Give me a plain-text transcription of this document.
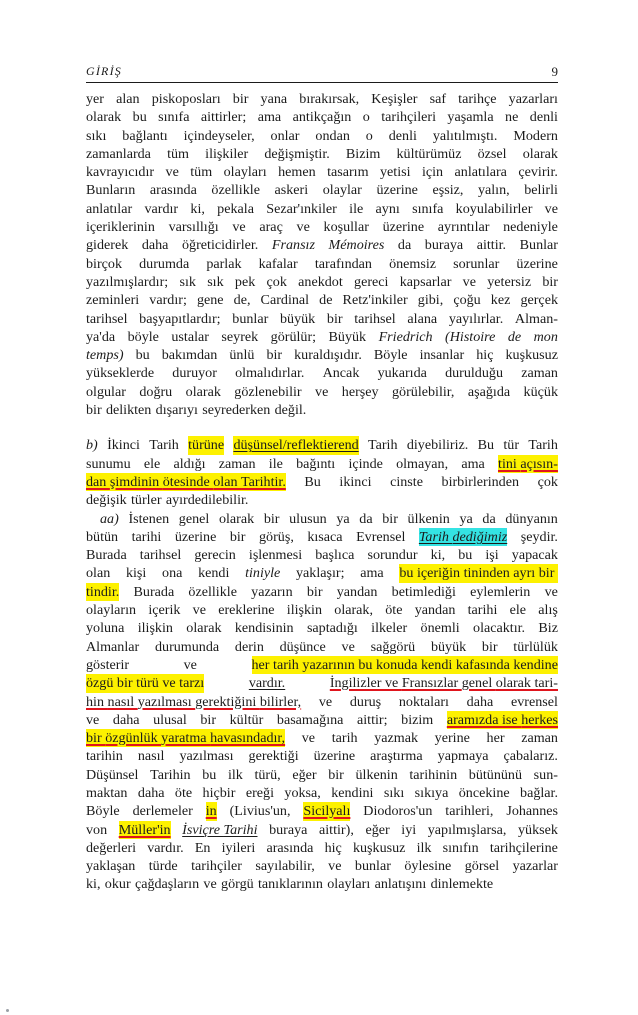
GİRİŞ	9
yer alan piskoposları bir yana bırakırsak, Keşişler saf tarihçe yazarları
olarak bu sınıfa aittirler; ama antikçağın o tarihçileri yaşamla ne denli
sıkı bağlantı içindeyseler, onlar ondan o denli yalıtılmıştı. Modern
zamanlarda tüm ilişkiler değişmiştir. Bizim kültürümüz özsel olarak
kavrayıcıdır ve tüm olayları hemen tasarım yetisi için anlatılara çevirir.
Bunların arasında özellikle askeri olaylar üzerine eşsiz, yalın, belirli
anlatılar vardır ki, pekala Sezar'ınkiler ile aynı sınıfa koyulabilirler ve
içeriklerinin varsıllığı ve araç ve koşullar üzerine ayrıntılar nedeniyle
giderek daha öğreticidirler. Fransız Mémoires da buraya aittir. Bunlar
birçok durumda parlak kafalar tarafından önemsiz sorunlar üzerine
yazılmışlardır; sık sık pek çok anekdot gereci kapsarlar ve yetersiz bir
zeminleri vardır; gene de, Cardinal de Retz'inkiler gibi, çoğu kez gerçek
tarihsel başyapıtlardır; bunlar büyük bir tarihsel alana yayılırlar. Alman-
ya'da böyle ustalar seyrek görülür; Büyük Friedrich (Histoire de mon
temps) bu bakımdan ünlü bir kuraldışıdır. Böyle insanlar hiç kuşkusuz
yükseklerde duruyor olmalıdırlar. Ancak yukarıda durulduğu zaman
olgular doğru olarak gözlenebilir ve herşey görülebilir, aşağıda küçük
bir delikten dışarıyı seyrederken değil.
b) İkinci Tarih türüne düşünsel/reflektierend Tarih diyebiliriz. Bu tür Tarih
sunumu ele aldığı zaman ile bağıntı içinde olmayan, ama tini açısın-
dan şimdinin ötesinde olan Tarihtir. Bu ikinci cinste birbirlerinden çok
değişik türler ayırdedilebilir.
aa) İstenen genel olarak bir ulusun ya da bir ülkenin ya da dünyanın
bütün tarihi üzerine bir görüş, kısaca Evrensel Tarih dediğimiz şeydir.
Burada tarihsel gerecin işlenmesi başlıca sorundur ki, bu işi yapacak
olan kişi ona kendi tiniyle yaklaşır; ama bu içeriğin tininden ayrı bir
tindir. Burada özellikle yazarın bir yandan betimlediği eylemlerin ve
olayların içerik ve ereklerine ilişkin olarak, öte yandan tarihi ele alış
yoluna ilişkin olarak kendisinin saptadığı ilkeler önemli olacaktır. Biz
Almanlar durumunda derin düşünce ve sağgörü büyük bir türlülük
gösterir	ve	her tarih yazarının bu konuda kendi kafasında kendine
özgü bir türü ve tarzı	vardır.	İngilizler ve Fransızlar genel olarak tari-
hin nasıl yazılması gerektiğini bilirler, ve duruş noktaları daha evrensel
ve daha ulusal bir kültür basamağına aittir; bizim aramızda ise herkes
bir özgünlük yaratma havasındadır, ve tarih yazmak yerine her zaman
tarihin nasıl yazılması gerektiği üzerine araştırma yapmaya çabalarız.
Düşünsel Tarihin bu ilk türü, eğer bir ülkenin tarihinin bütününü sun-
maktan daha öte hiçbir ereği yoksa, kendini sıkı sıkıya öncekine bağlar.
Böyle derlemeler in (Livius'un, Sicilyalı Diodoros'un tarihleri, Johannes
von Müller'in İsviçre Tarihi buraya aittir), eğer iyi yapılmışlarsa, yüksek
değerleri vardır. En iyileri arasında hiç kuşkusuz ilk sınıfın tarihçilerine
yaklaşan türde tarihçiler sayılabilir, ve bunlar öylesine görsel yazarlar
ki, okur çağdaşların ve görgü tanıklarının olayları anlatışını dinlemekte
